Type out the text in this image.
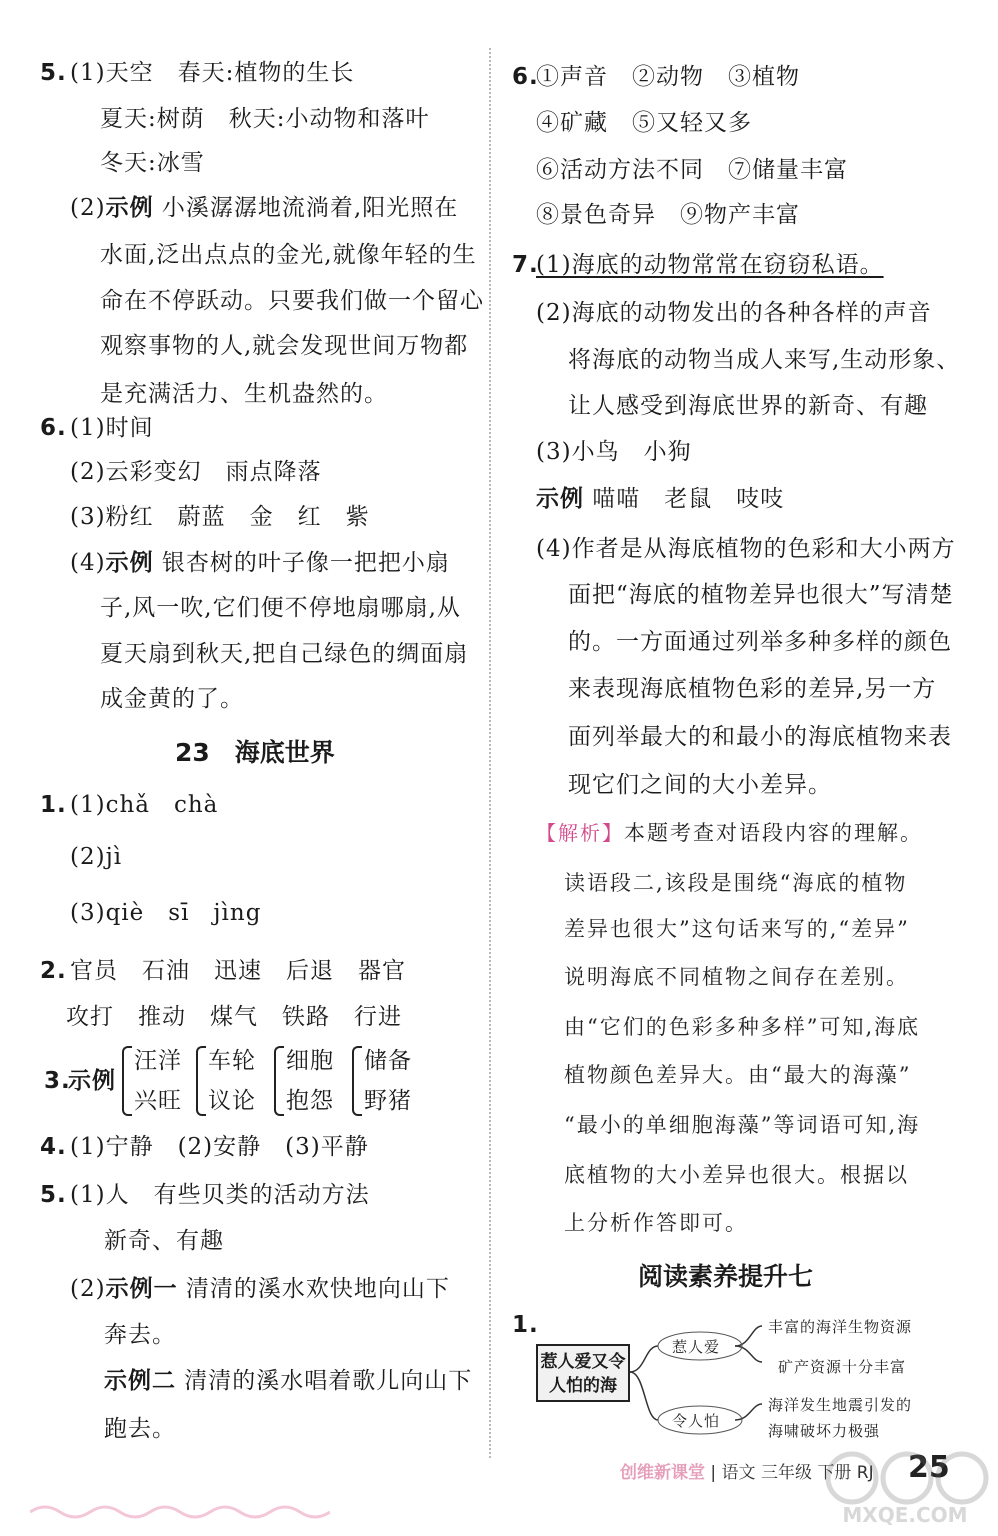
5. (1)天空　春天:植物的生长
夏天:树荫　秋天:小动物和落叶
冬天:冰雪
(2)示例 小溪潺潺地流淌着,阳光照在
水面,泛出点点的金光,就像年轻的生
命在不停跃动。只要我们做一个留心
观察事物的人,就会发现世间万物都
是充满活力、生机盎然的。
6. (1)时间
(2)云彩变幻　雨点降落
(3)粉红　蔚蓝　金　红　紫
(4)示例 银杏树的叶子像一把把小扇
子,风一吹,它们便不停地扇哪扇,从
夏天扇到秋天,把自己绿色的绸面扇
成金黄的了。
23　海底世界
1. (1)chǎ　chà
(2)jì
(3)qiè　sī　jìng
2. 官员　石油　迅速　后退　器官
攻打　推动　煤气　铁路　行进
3.
示例
汪洋
兴旺
车轮
议论
细胞
抱怨
储备
野猪
4. (1)宁静　(2)安静　(3)平静
5. (1)人　有些贝类的活动方法
新奇、有趣
(2)示例一 清清的溪水欢快地向山下
奔去。
示例二 清清的溪水唱着歌儿向山下
跑去。
6.
①声音　②动物　③植物
④矿藏　⑤又轻又多
⑥活动方法不同　⑦储量丰富
⑧景色奇异　⑨物产丰富
7.
(1)海底的动物常常在窃窃私语。
(2)海底的动物发出的各种各样的声音
将海底的动物当成人来写,生动形象、
让人感受到海底世界的新奇、有趣
(3)小鸟　小狗
示例 喵喵　老鼠　吱吱
(4)作者是从海底植物的色彩和大小两方
面把“海底的植物差异也很大”写清楚
的。一方面通过列举多种多样的颜色
来表现海底植物色彩的差异,另一方
面列举最大的和最小的海底植物来表
现它们之间的大小差异。
【解析】本题考查对语段内容的理解。
读语段二,该段是围绕“海底的植物
差异也很大”这句话来写的,“差异”
说明海底不同植物之间存在差别。
由“它们的色彩多种多样”可知,海底
植物颜色差异大。由“最大的海藻”
“最小的单细胞海藻”等词语可知,海
底植物的大小差异也很大。根据以
上分析作答即可。
阅读素养提升七
1.
惹人爱又令人怕的海
惹人爱
令人怕
丰富的海洋生物资源
矿产资源十分丰富
海洋发生地震引发的
海啸破坏力极强
创维新课堂 | 语文 三年级 下册 RJ 25
MXQE.COM
